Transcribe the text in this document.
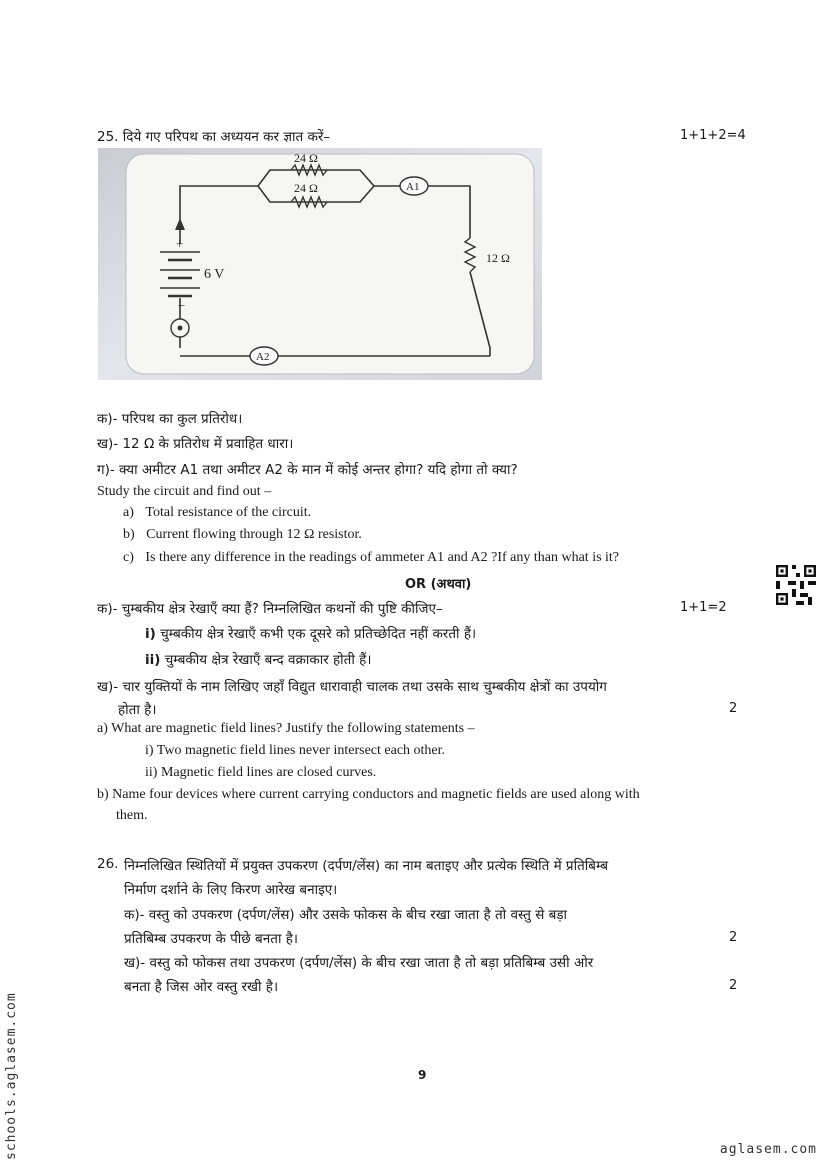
25. दिये गए परिपथ का अध्ययन कर ज्ञात करें–	1+1+2=4
24 Ω
24 Ω	A1
12 Ω
A2
+
−
6 V
क)- परिपथ का कुल प्रतिरोध।
ख)- 12 Ω के प्रतिरोध में प्रवाहित धारा।
ग)- क्या अमीटर A1 तथा अमीटर A2 के मान में कोई अन्तर होगा? यदि होगा तो क्या?
Study the circuit and find out –
a) Total resistance of the circuit.
b) Current flowing through 12 Ω resistor.
c) Is there any difference in the readings of ammeter A1 and A2 ?If any than what is it?
OR (अथवा)
क)- चुम्बकीय क्षेत्र रेखाएँ क्या हैं? निम्नलिखित कथनों की पुष्टि कीजिए–	1+1=2
i) चुम्बकीय क्षेत्र रेखाएँ कभी एक दूसरे को प्रतिच्छेदित नहीं करती हैं।
ii) चुम्बकीय क्षेत्र रेखाएँ बन्द वक्राकार होती हैं।
ख)- चार युक्तियों के नाम लिखिए जहाँ विद्युत धारावाही चालक तथा उसके साथ चुम्बकीय क्षेत्रों का उपयोग
होता है।	2
a) What are magnetic field lines? Justify the following statements –
i) Two magnetic field lines never intersect each other.
ii) Magnetic field lines are closed curves.
b) Name four devices where current carrying conductors and magnetic fields are used along with
them.
26. निम्नलिखित स्थितियों में प्रयुक्त उपकरण (दर्पण/लेंस) का नाम बताइए और प्रत्येक स्थिति में प्रतिबिम्ब
निर्माण दर्शाने के लिए किरण आरेख बनाइए।
क)- वस्तु को उपकरण (दर्पण/लेंस) और उसके फोकस के बीच रखा जाता है तो वस्तु से बड़ा
प्रतिबिम्ब उपकरण के पीछे बनता है।	2
ख)- वस्तु को फोकस तथा उपकरण (दर्पण/लेंस) के बीच रखा जाता है तो बड़ा प्रतिबिम्ब उसी ओर
बनता है जिस ओर वस्तु रखी है।	2
9
schools.aglasem.com	aglasem.com
